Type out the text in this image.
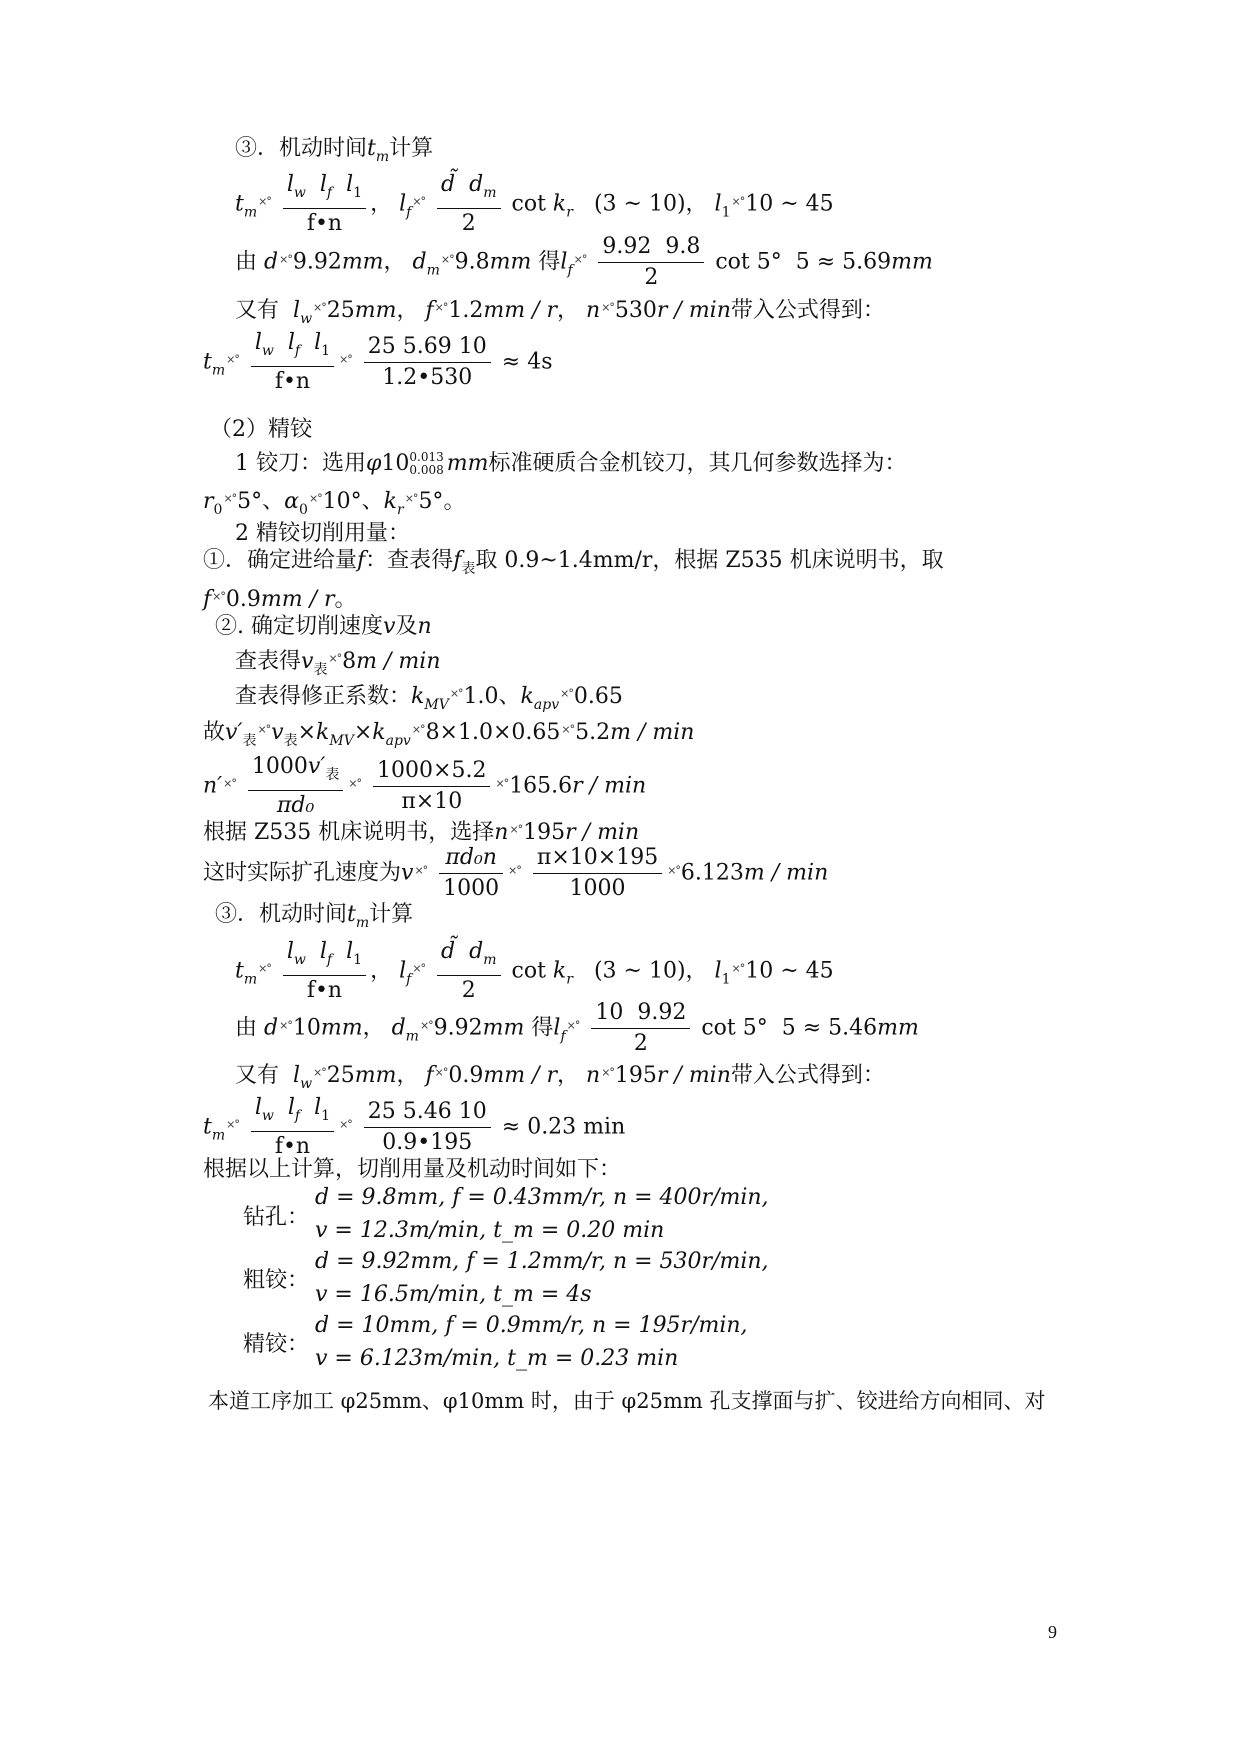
③．机动时间$t_m$计算
$t_m^{\times^\circ} \frac{l_w l_f l_1}{f•n}$ ， $l_f^{\times^\circ} \frac{d̃ d_m}{2}$ $\cot k_r$ (3 ~ 10)， $l_1^{\times^\circ}10$ ~ 45
由 d×°9.92mm， $d_m^{\times^\circ}9.8mm$ 得$l_f^{\times^\circ} \frac{9.92 9.8}{2}$ cot 5° 5 ≈ 5.69mm
又有 $l_w^{\times^\circ}25mm$， f×°1.2mm / r， n×°530r / min带入公式得到：
$t_m^{\times^\circ} \frac{l_w l_f l_1}{f•n} ^{\times^\circ} \frac{25 5.69 10}{1.2•530} \approx 4s$
（2）精铰
1 铰刀：选用φ10 0.013
0.008 mm标准硬质合金机铰刀，其几何参数选择为：
$r_0^{\times^\circ}5^\circ$、$\alpha_0^{\times^\circ}10^\circ$、$k_r^{\times^\circ}5^\circ$。
2 精铰切削用量：
①．确定进给量f：查表得$f_表$取 0.9~1.4mm/r，根据 Z535 机床说明书，取
f×°0.9mm / r。
②. 确定切削速度v及n
查表得$v_表^{\times^\circ}8m$ / min
查表得修正系数：$k_{MV}^{\times^\circ}1.0$、$k_{apv}^{\times^\circ}0.65$
故$v'_表^{\times^\circ}v_表\times k_{MV}\times k_{apv}^{\times^\circ}8\times 1.0\times 0.65^{\times^\circ}5.2m / \min$
$n'^{\times^\circ} \frac{1000v'_表}{\text{πd₀}} ^{\times^\circ} \frac{1000\times 5.2}{\pi\times 10} ^{\times^\circ}165.6r$ / min
根据 Z535 机床说明书，选择n×°195r / min
这时实际扩孔速度为$v^{\times^\circ} \frac{\text{πd₀n}}{1000} ^{\times^\circ} \frac{\pi\times 10\times 195}{1000} ^{\times^\circ}6.123m$ / min
③．机动时间$t_m$计算
$t_m^{\times^\circ} \frac{l_w l_f l_1}{f•n}$ ， $l_f^{\times^\circ} \frac{d̃ d_m}{2}$ $\cot k_r$ (3 ~ 10)， $l_1^{\times^\circ}10$ ~ 45
由 d×°10mm， $d_m^{\times^\circ}9.92mm$ 得$l_f^{\times^\circ} \frac{10 9.92}{2}$ cot 5° 5 ≈ 5.46mm
又有 $l_w^{\times^\circ}25mm$， f×°0.9mm / r， n×°195r / min带入公式得到：
$t_m^{\times^\circ} \frac{l_w l_f l_1}{f•n} ^{\times^\circ} \frac{25 5.46 10}{0.9•195} \approx 0.23$ min
根据以上计算，切削用量及机动时间如下：
钻孔：
d = 9.8mm, f = 0.43mm/r, n = 400r/min,
v = 12.3m/min, t_m = 0.20 min
粗铰：
d = 9.92mm, f = 1.2mm/r, n = 530r/min,
v = 16.5m/min, t_m = 4s
精铰：
d = 10mm, f = 0.9mm/r, n = 195r/min,
v = 6.123m/min, t_m = 0.23 min
本道工序加工 φ25mm、φ10mm 时，由于 φ25mm 孔支撑面与扩、铰进给方向相同、对
9
